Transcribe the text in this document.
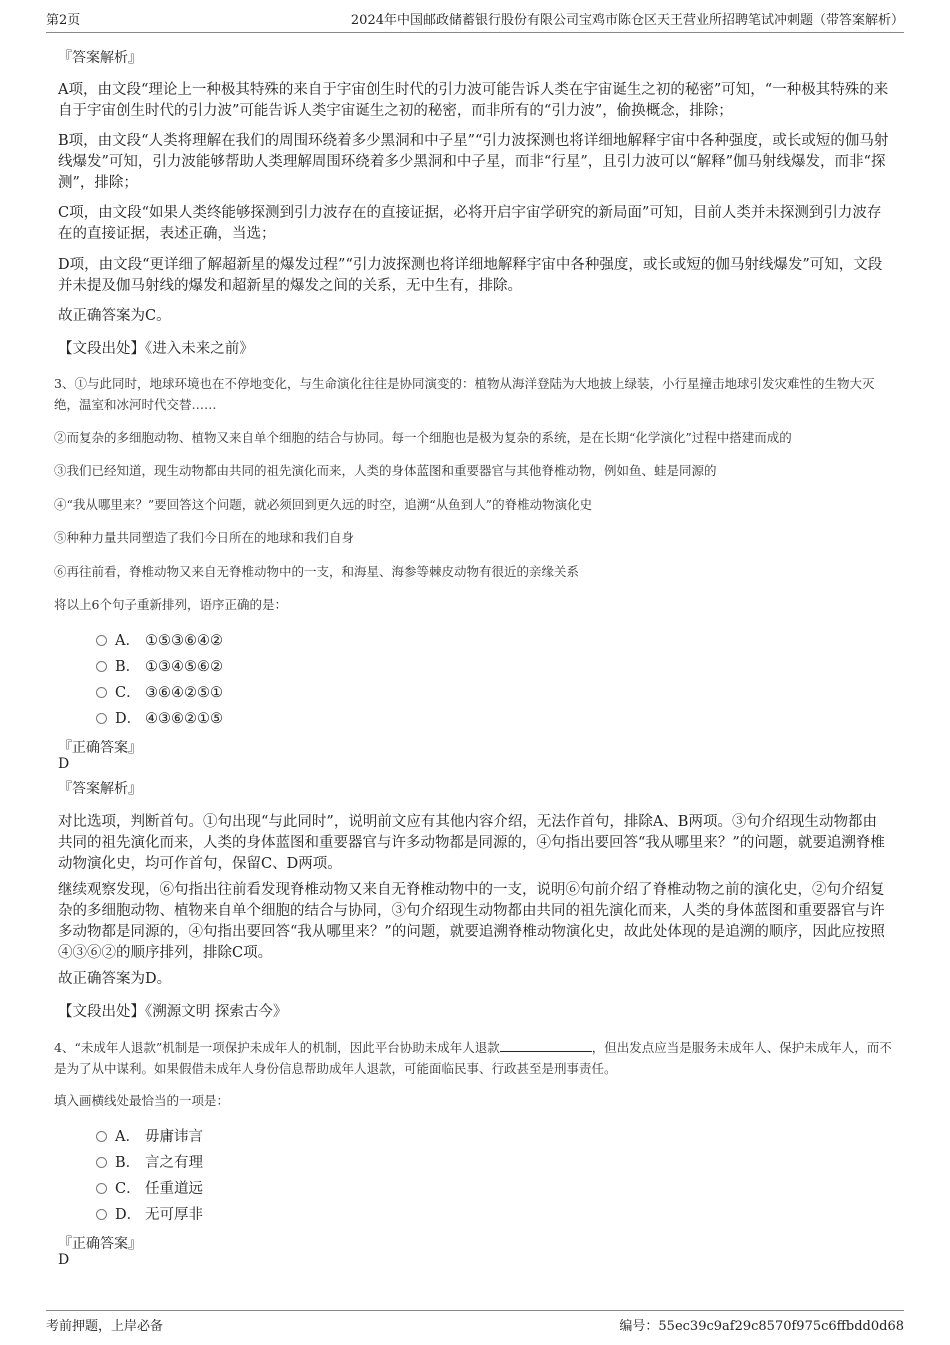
第2页	2024年中国邮政储蓄银行股份有限公司宝鸡市陈仓区天王营业所招聘笔试冲刺题（带答案解析）
『答案解析』
A项，由文段“理论上一种极其特殊的来自于宇宙创生时代的引力波可能告诉人类在宇宙诞生之初的秘密”可知，“一种极其特殊的来自于宇宙创生时代的引力波”可能告诉人类宇宙诞生之初的秘密，而非所有的“引力波”，偷换概念，排除；
B项，由文段“人类将理解在我们的周围环绕着多少黑洞和中子星”“引力波探测也将详细地解释宇宙中各种强度，或长或短的伽马射线爆发”可知，引力波能够帮助人类理解周围环绕着多少黑洞和中子星，而非“行星”，且引力波可以“解释”伽马射线爆发，而非“探测”，排除；
C项，由文段“如果人类终能够探测到引力波存在的直接证据，必将开启宇宙学研究的新局面”可知，目前人类并未探测到引力波存在的直接证据，表述正确，当选；
D项，由文段“更详细了解超新星的爆发过程”“引力波探测也将详细地解释宇宙中各种强度，或长或短的伽马射线爆发”可知，文段并未提及伽马射线的爆发和超新星的爆发之间的关系，无中生有，排除。
故正确答案为C。
【文段出处】《进入未来之前》
3、①与此同时，地球环境也在不停地变化，与生命演化往往是协同演变的：植物从海洋登陆为大地披上绿装，小行星撞击地球引发灾难性的生物大灭绝，温室和冰河时代交替……
②而复杂的多细胞动物、植物又来自单个细胞的结合与协同。每一个细胞也是极为复杂的系统，是在长期“化学演化”过程中搭建而成的
③我们已经知道，现生动物都由共同的祖先演化而来，人类的身体蓝图和重要器官与其他脊椎动物，例如鱼、蛙是同源的
④“我从哪里来？”要回答这个问题，就必须回到更久远的时空，追溯“从鱼到人”的脊椎动物演化史
⑤种种力量共同塑造了我们今日所在的地球和我们自身
⑥再往前看，脊椎动物又来自无脊椎动物中的一支，和海星、海参等棘皮动物有很近的亲缘关系
将以上6个句子重新排列，语序正确的是：
A． ①⑤③⑥④②
B． ①③④⑤⑥②
C． ③⑥④②⑤①
D． ④③⑥②①⑤
『正确答案』
D
『答案解析』
对比选项，判断首句。①句出现“与此同时”，说明前文应有其他内容介绍，无法作首句，排除A、B两项。③句介绍现生动物都由共同的祖先演化而来，人类的身体蓝图和重要器官与许多动物都是同源的，④句指出要回答“我从哪里来？”的问题，就要追溯脊椎动物演化史，均可作首句，保留C、D两项。
继续观察发现，⑥句指出往前看发现脊椎动物又来自无脊椎动物中的一支，说明⑥句前介绍了脊椎动物之前的演化史，②句介绍复杂的多细胞动物、植物来自单个细胞的结合与协同，③句介绍现生动物都由共同的祖先演化而来，人类的身体蓝图和重要器官与许多动物都是同源的，④句指出要回答“我从哪里来？”的问题，就要追溯脊椎动物演化史，故此处体现的是追溯的顺序，因此应按照④③⑥②的顺序排列，排除C项。
故正确答案为D。
【文段出处】《溯源文明 探索古今》
4、“未成年人退款”机制是一项保护未成年人的机制，因此平台协助未成年人退款	，但出发点应当是服务未成年人、保护未成年人，而不是为了从中谋利。如果假借未成年人身份信息帮助成年人退款，可能面临民事、行政甚至是刑事责任。
填入画横线处最恰当的一项是：
A． 毋庸讳言
B． 言之有理
C． 任重道远
D． 无可厚非
『正确答案』
D
考前押题，上岸必备	编号：55ec39c9af29c8570f975c6ffbdd0d68
